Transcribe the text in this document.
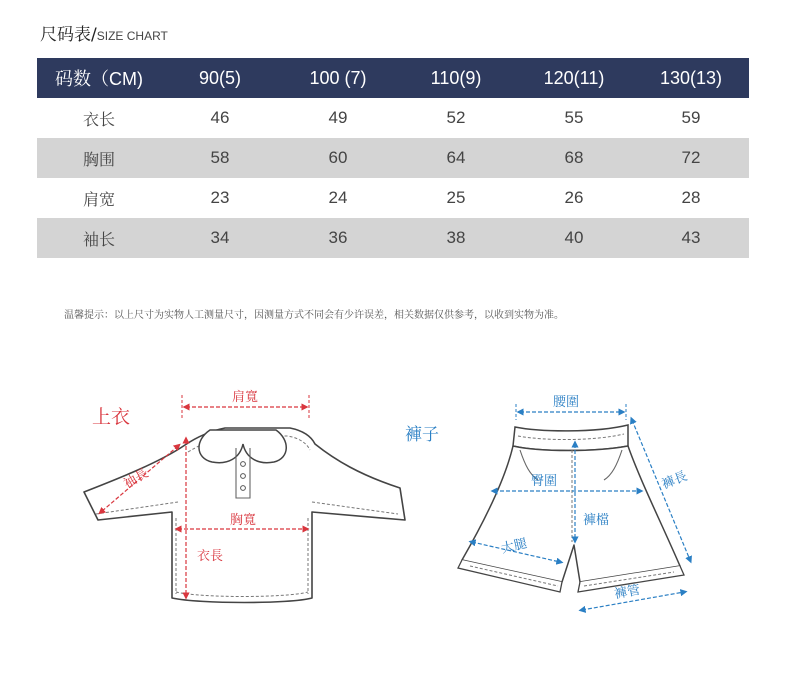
尺码表/SIZE CHART
码数（CM)	90(5)	100 (7)	110(9)	120(11)	130(13)
衣长	46	49	52	55	59
胸围	58	60	64	68	72
肩宽	23	24	25	26	28
袖长	34	36	38	40	43
温馨提示：以上尺寸为实物人工测量尺寸，因测量方式不同会有少许误差，相关数据仅供参考，以收到实物为准。
上衣
肩寬
袖長
胸寬
衣長
褲子
腰圍
臀圍
褲檔
大腿
褲長
褲管
